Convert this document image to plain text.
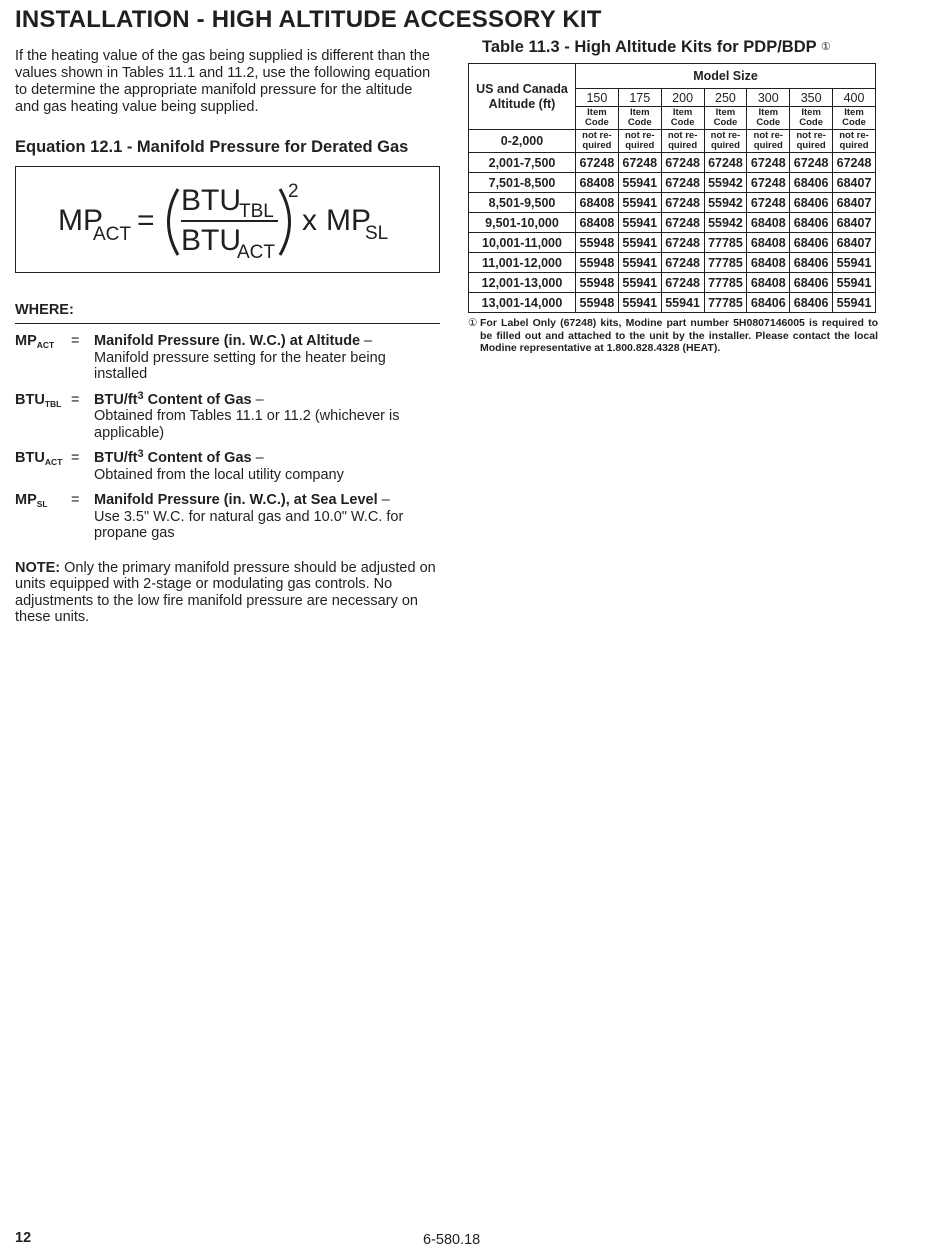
INSTALLATION - HIGH ALTITUDE ACCESSORY KIT

If the heating value of the gas being supplied is different than the values shown in Tables 11.1 and 11.2, use the following equation to determine the appropriate manifold pressure for the altitude and gas heating value being supplied.

Equation 12.1 - Manifold Pressure for Derated Gas
MP
ACT =
BTU
TBL
BTU
ACT
2
x MP
SL
WHERE:
$MP_{ACT}$	=	Manifold Pressure (in. W.C.) at Altitude –
Manifold pressure setting for the heater being installed
$BTU_{TBL}$ =	BTU/$ft^3$ Content of Gas –
Obtained from Tables 11.1 or 11.2 (whichever is applicable)
$BTU_{ACT}$ =	BTU/$ft^3$ Content of Gas –
Obtained from the local utility company
$MP_{SL}$	=	Manifold Pressure (in. W.C.), at Sea Level –
Use 3.5" W.C. for natural gas and 10.0" W.C. for propane gas

NOTE: Only the primary manifold pressure should be adjusted on units equipped with 2-stage or modulating gas controls. No adjustments to the low fire manifold pressure are necessary on these units.

Table 11.3 - High Altitude Kits for PDP/BDP ①
US and Canada Altitude (ft)	Model Size						
	150	175	200	250	300	350	400
	Item Code	Item Code	Item Code	Item Code	Item Code	Item Code	Item Code
0-2,000	not re-quired	not re-quired	not re-quired	not re-quired	not re-quired	not re-quired	not re-quired
2,001-7,500	67248	67248	67248	67248	67248	67248	67248
7,501-8,500	68408	55941	67248	55942	67248	68406	68407
8,501-9,500	68408	55941	67248	55942	67248	68406	68407
9,501-10,000	68408	55941	67248	55942	68408	68406	68407
10,001-11,000	55948	55941	67248	77785	68408	68406	68407
11,001-12,000	55948	55941	67248	77785	68408	68406	55941
12,001-13,000	55948	55941	67248	77785	68408	68406	55941
13,001-14,000	55948	55941	55941	77785	68406	68406	55941
① For Label Only (67248) kits, Modine part number 5H0807146005 is required to be filled out and attached to the unit by the installer. Please contact the local Modine representative at 1.800.828.4328 (HEAT).
12	6-580.18
